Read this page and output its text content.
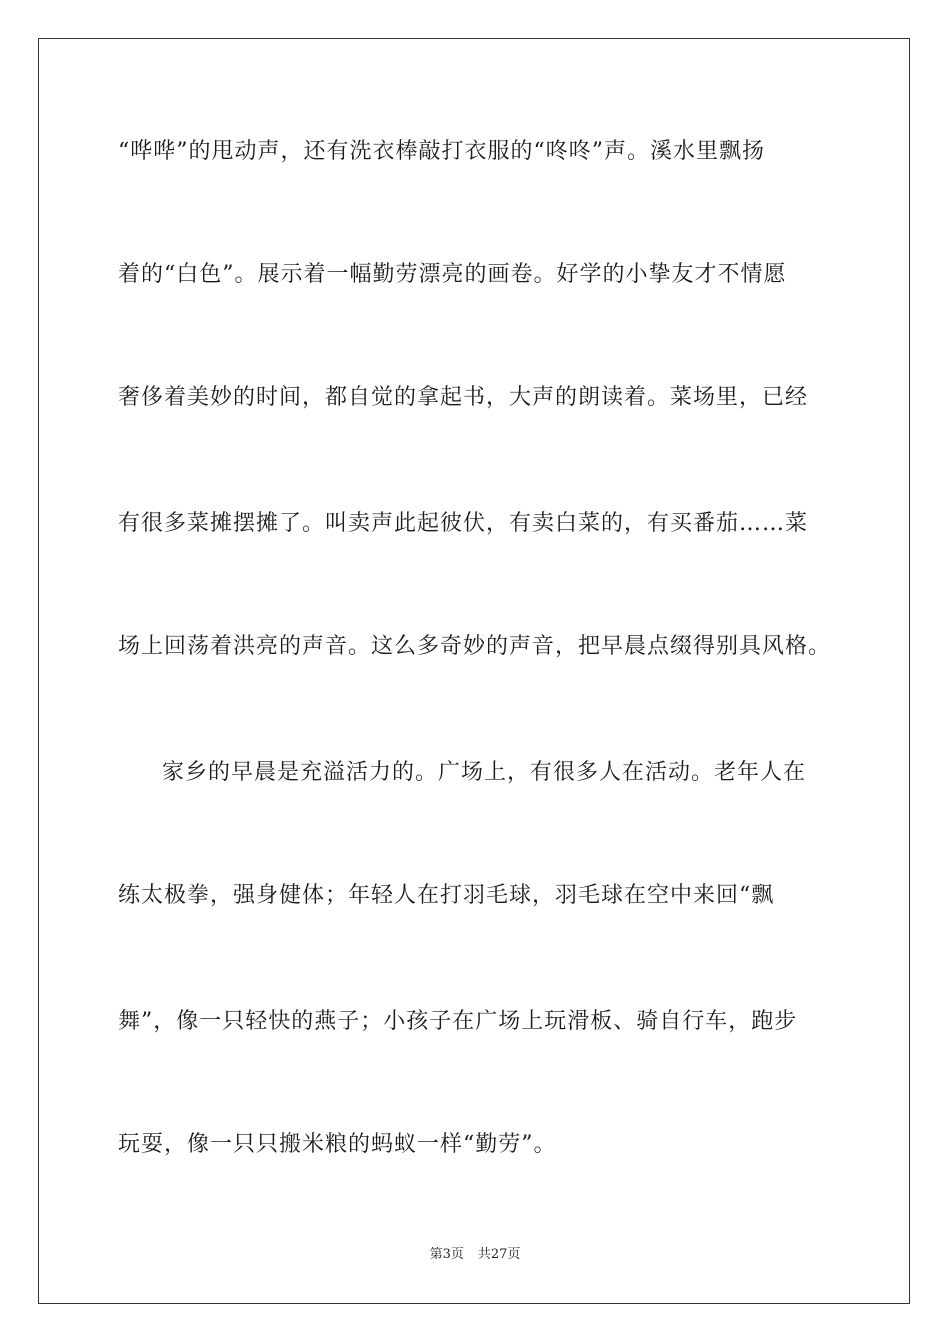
“哗哗”的甩动声，还有洗衣棒敲打衣服的“咚咚”声。溪水里飘扬
着的“白色”。展示着一幅勤劳漂亮的画卷。好学的小挚友才不情愿
奢侈着美妙的时间，都自觉的拿起书，大声的朗读着。菜场里，已经
有很多菜摊摆摊了。叫卖声此起彼伏，有卖白菜的，有买番茄……菜
场上回荡着洪亮的声音。这么多奇妙的声音，把早晨点缀得别具风格。
家乡的早晨是充溢活力的。广场上，有很多人在活动。老年人在
练太极拳，强身健体；年轻人在打羽毛球，羽毛球在空中来回“飘
舞”，像一只轻快的燕子；小孩子在广场上玩滑板、骑自行车，跑步
玩耍，像一只只搬米粮的蚂蚁一样“勤劳”。
第3页 共27页
